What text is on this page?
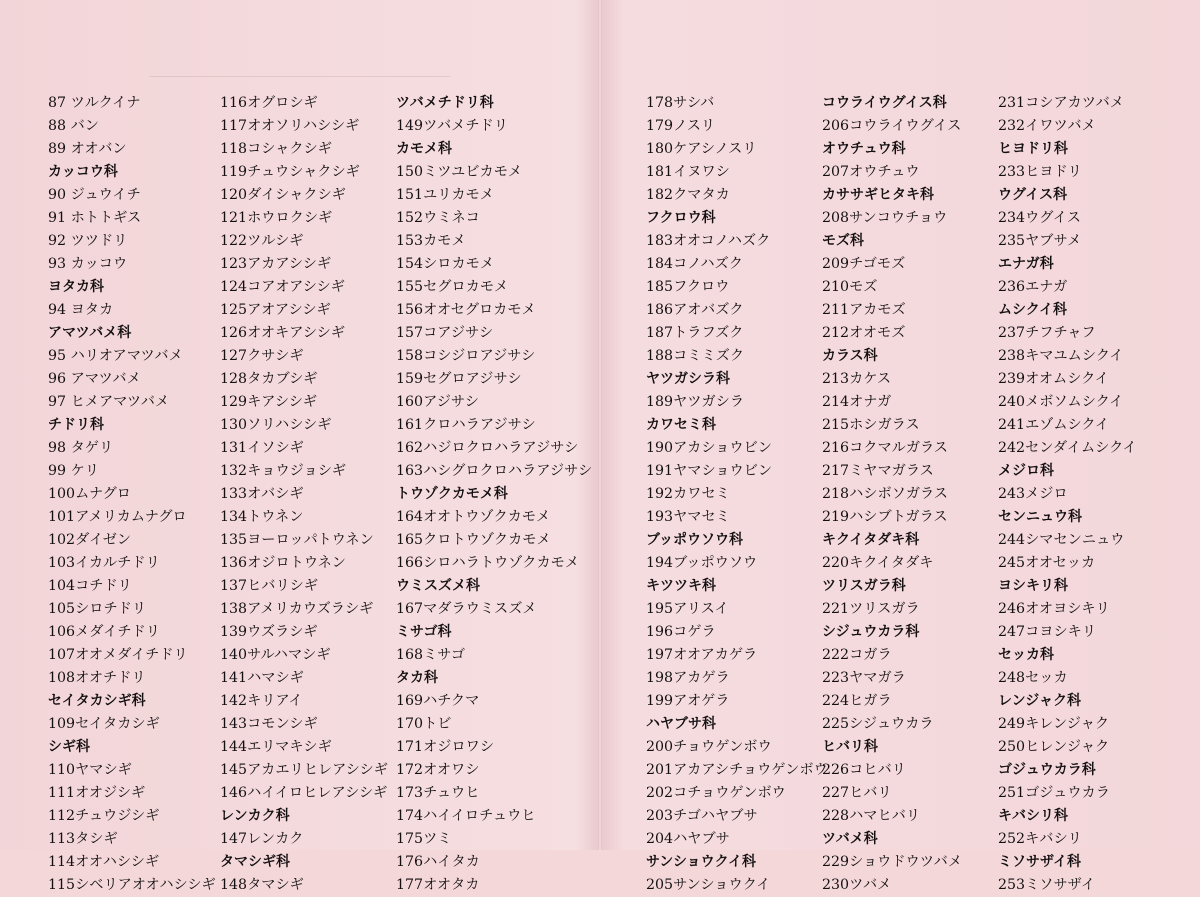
87 ツルクイナ
88 バン
89 オオバン
カッコウ科
90 ジュウイチ
91 ホトトギス
92 ツツドリ
93 カッコウ
ヨタカ科
94 ヨタカ
アマツバメ科
95 ハリオアマツバメ
96 アマツバメ
97 ヒメアマツバメ
チドリ科
98 タゲリ
99 ケリ
100ムナグロ
101アメリカムナグロ
102ダイゼン
103イカルチドリ
104コチドリ
105シロチドリ
106メダイチドリ
107オオメダイチドリ
108オオチドリ
セイタカシギ科
109セイタカシギ
シギ科
110ヤマシギ
111オオジシギ
112チュウジシギ
113タシギ
114オオハシシギ
115シベリアオオハシシギ
116オグロシギ
117オオソリハシシギ
118コシャクシギ
119チュウシャクシギ
120ダイシャクシギ
121ホウロクシギ
122ツルシギ
123アカアシシギ
124コアオアシシギ
125アオアシシギ
126オオキアシシギ
127クサシギ
128タカブシギ
129キアシシギ
130ソリハシシギ
131イソシギ
132キョウジョシギ
133オバシギ
134トウネン
135ヨーロッパトウネン
136オジロトウネン
137ヒバリシギ
138アメリカウズラシギ
139ウズラシギ
140サルハマシギ
141ハマシギ
142キリアイ
143コモンシギ
144エリマキシギ
145アカエリヒレアシシギ
146ハイイロヒレアシシギ
レンカク科
147レンカク
タマシギ科
148タマシギ
ツバメチドリ科
149ツバメチドリ
カモメ科
150ミツユビカモメ
151ユリカモメ
152ウミネコ
153カモメ
154シロカモメ
155セグロカモメ
156オオセグロカモメ
157コアジサシ
158コシジロアジサシ
159セグロアジサシ
160アジサシ
161クロハラアジサシ
162ハジロクロハラアジサシ
163ハシグロクロハラアジサシ
トウゾクカモメ科
164オオトウゾクカモメ
165クロトウゾクカモメ
166シロハラトウゾクカモメ
ウミスズメ科
167マダラウミスズメ
ミサゴ科
168ミサゴ
タカ科
169ハチクマ
170トビ
171オジロワシ
172オオワシ
173チュウヒ
174ハイイロチュウヒ
175ツミ
176ハイタカ
177オオタカ
178サシバ
179ノスリ
180ケアシノスリ
181イヌワシ
182クマタカ
フクロウ科
183オオコノハズク
184コノハズク
185フクロウ
186アオバズク
187トラフズク
188コミミズク
ヤツガシラ科
189ヤツガシラ
カワセミ科
190アカショウビン
191ヤマショウビン
192カワセミ
193ヤマセミ
ブッポウソウ科
194ブッポウソウ
キツツキ科
195アリスイ
196コゲラ
197オオアカゲラ
198アカゲラ
199アオゲラ
ハヤブサ科
200チョウゲンボウ
201アカアシチョウゲンボウ
202コチョウゲンボウ
203チゴハヤブサ
204ハヤブサ
サンショウクイ科
205サンショウクイ
コウライウグイス科
206コウライウグイス
オウチュウ科
207オウチュウ
カササギヒタキ科
208サンコウチョウ
モズ科
209チゴモズ
210モズ
211アカモズ
212オオモズ
カラス科
213カケス
214オナガ
215ホシガラス
216コクマルガラス
217ミヤマガラス
218ハシボソガラス
219ハシブトガラス
キクイタダキ科
220キクイタダキ
ツリスガラ科
221ツリスガラ
シジュウカラ科
222コガラ
223ヤマガラ
224ヒガラ
225シジュウカラ
ヒバリ科
226コヒバリ
227ヒバリ
228ハマヒバリ
ツバメ科
229ショウドウツバメ
230ツバメ
231コシアカツバメ
232イワツバメ
ヒヨドリ科
233ヒヨドリ
ウグイス科
234ウグイス
235ヤブサメ
エナガ科
236エナガ
ムシクイ科
237チフチャフ
238キマユムシクイ
239オオムシクイ
240メボソムシクイ
241エゾムシクイ
242センダイムシクイ
メジロ科
243メジロ
センニュウ科
244シマセンニュウ
245オオセッカ
ヨシキリ科
246オオヨシキリ
247コヨシキリ
セッカ科
248セッカ
レンジャク科
249キレンジャク
250ヒレンジャク
ゴジュウカラ科
251ゴジュウカラ
キバシリ科
252キバシリ
ミソサザイ科
253ミソサザイ
